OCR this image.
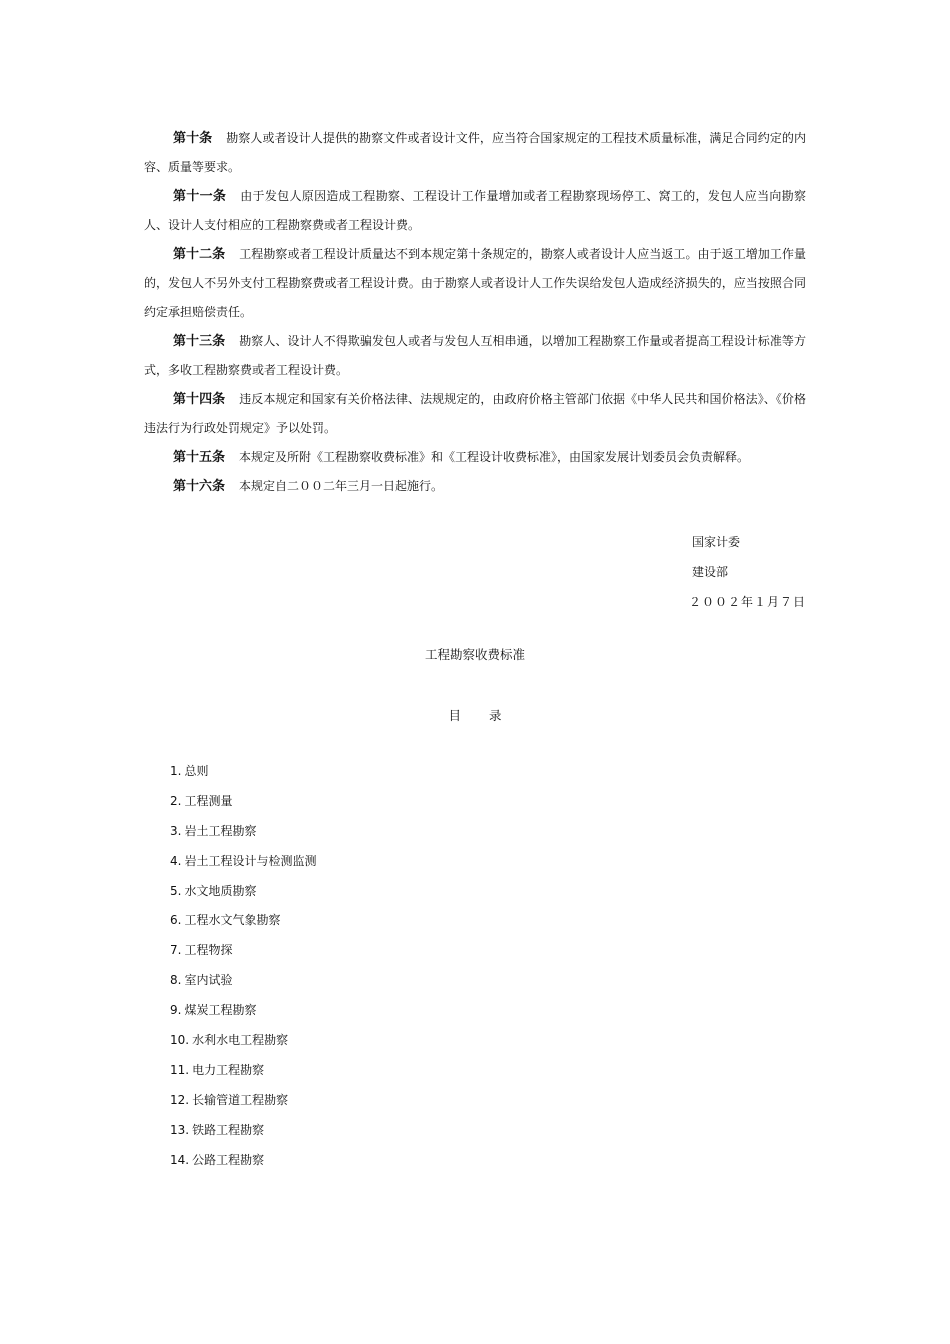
第十条 勘察人或者设计人提供的勘察文件或者设计文件，应当符合国家规定的工程技术质量标准，满足合同约定的内容、质量等要求。

第十一条 由于发包人原因造成工程勘察、工程设计工作量增加或者工程勘察现场停工、窝工的，发包人应当向勘察人、设计人支付相应的工程勘察费或者工程设计费。

第十二条 工程勘察或者工程设计质量达不到本规定第十条规定的，勘察人或者设计人应当返工。由于返工增加工作量的，发包人不另外支付工程勘察费或者工程设计费。由于勘察人或者设计人工作失误给发包人造成经济损失的，应当按照合同约定承担赔偿责任。

第十三条 勘察人、设计人不得欺骗发包人或者与发包人互相串通，以增加工程勘察工作量或者提高工程设计标准等方式，多收工程勘察费或者工程设计费。

第十四条 违反本规定和国家有关价格法律、法规规定的，由政府价格主管部门依据《中华人民共和国价格法》、《价格违法行为行政处罚规定》予以处罚。

第十五条 本规定及所附《工程勘察收费标准》和《工程设计收费标准》，由国家发展计划委员会负责解释。

第十六条 本规定自二００二年三月一日起施行。

国家计委
建设部
２００２年１月７日
工程勘察收费标准
目 录
1. 总则
2. 工程测量
3. 岩土工程勘察
4. 岩土工程设计与检测监测
5. 水文地质勘察
6. 工程水文气象勘察
7. 工程物探
8. 室内试验
9. 煤炭工程勘察
10. 水利水电工程勘察
11. 电力工程勘察
12. 长输管道工程勘察
13. 铁路工程勘察
14. 公路工程勘察
